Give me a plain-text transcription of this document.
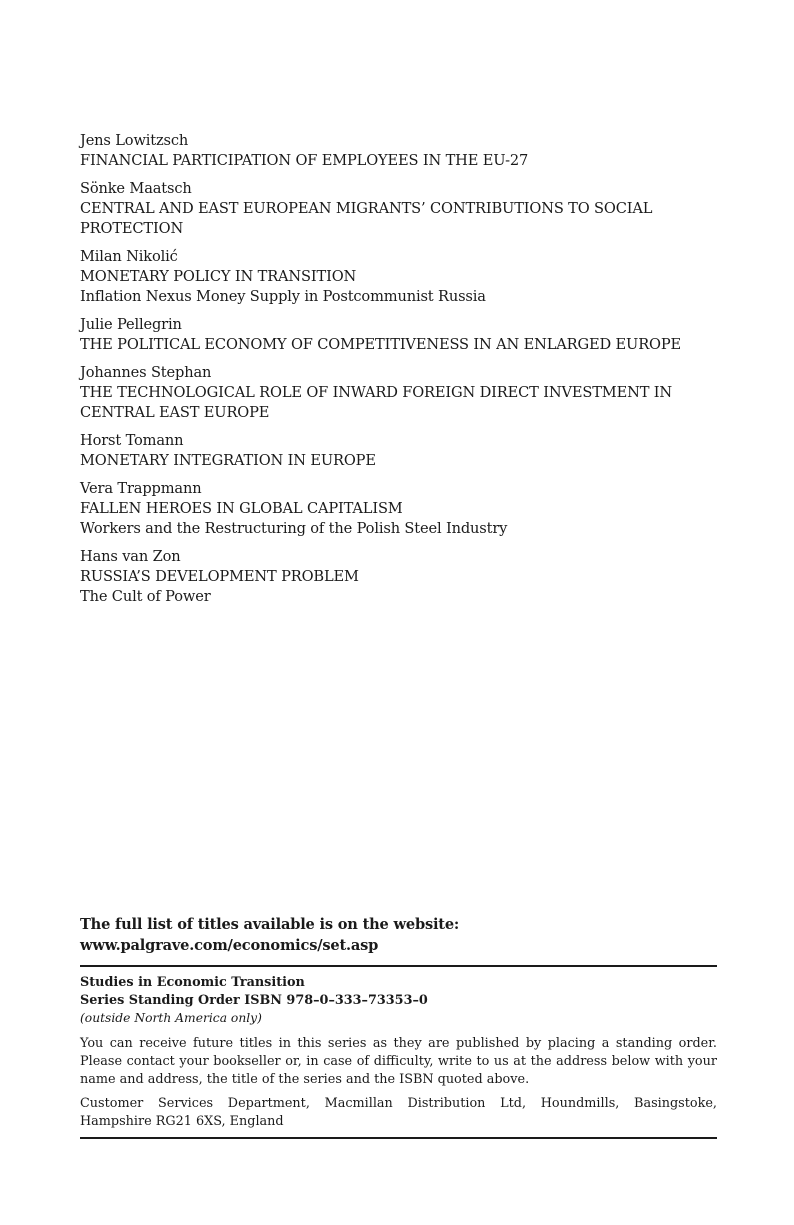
Jens Lowitzsch
FINANCIAL PARTICIPATION OF EMPLOYEES IN THE EU-27
Sönke Maatsch
CENTRAL AND EAST EUROPEAN MIGRANTS’ CONTRIBUTIONS TO SOCIAL PROTECTION
Milan Nikolić
MONETARY POLICY IN TRANSITION
Inflation Nexus Money Supply in Postcommunist Russia
Julie Pellegrin
THE POLITICAL ECONOMY OF COMPETITIVENESS IN AN ENLARGED EUROPE
Johannes Stephan
THE TECHNOLOGICAL ROLE OF INWARD FOREIGN DIRECT INVESTMENT IN CENTRAL EAST EUROPE
Horst Tomann
MONETARY INTEGRATION IN EUROPE
Vera Trappmann
FALLEN HEROES IN GLOBAL CAPITALISM
Workers and the Restructuring of the Polish Steel Industry
Hans van Zon
RUSSIA’S DEVELOPMENT PROBLEM
The Cult of Power
The full list of titles available is on the website:
www.palgrave.com/economics/set.asp
Studies in Economic Transition
Series Standing Order ISBN 978–0–333–73353–0
(outside North America only)
You can receive future titles in this series as they are published by placing a standing order. Please contact your bookseller or, in case of difficulty, write to us at the address below with your name and address, the title of the series and the ISBN quoted above.
Customer Services Department, Macmillan Distribution Ltd, Houndmills, Basingstoke, Hampshire RG21 6XS, England
